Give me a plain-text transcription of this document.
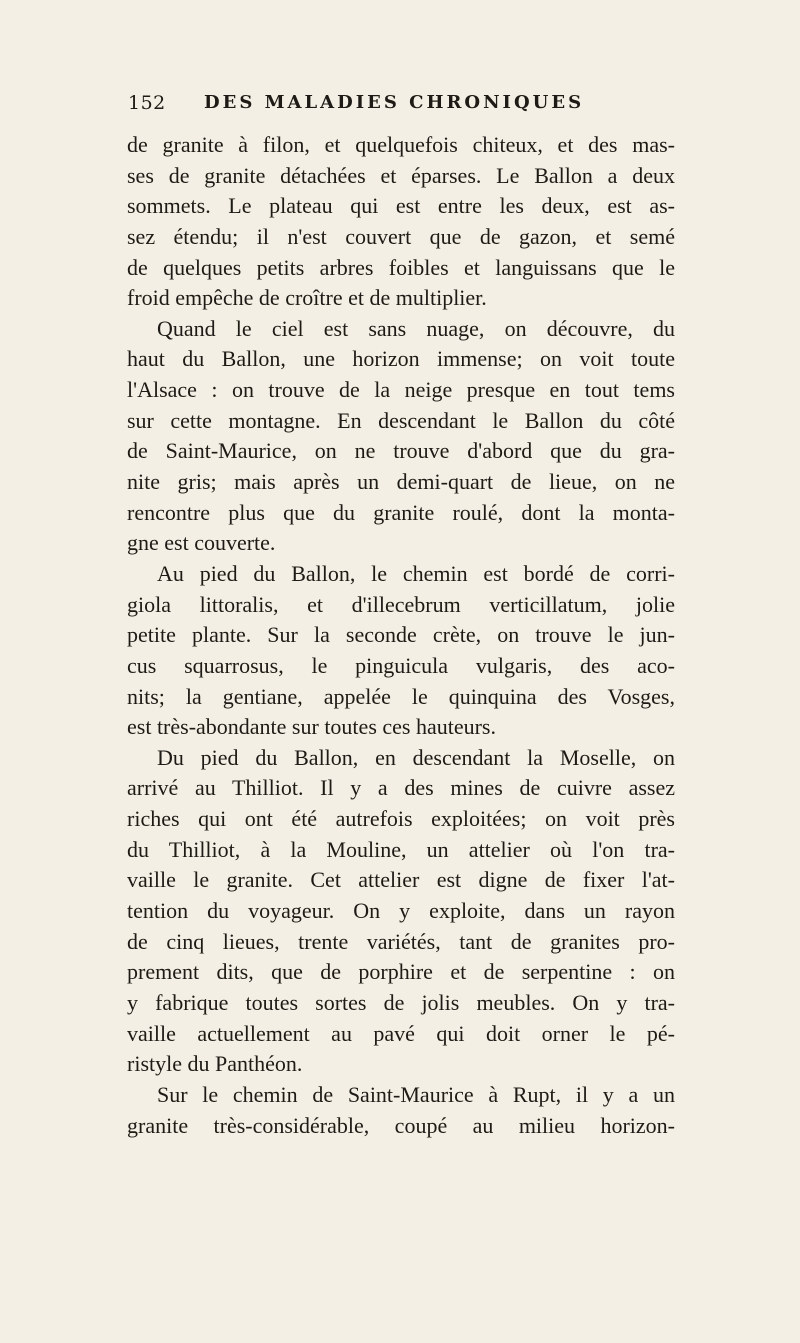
152 DES MALADIES CHRONIQUES
de granite à filon, et quelquefois chiteux, et des mas-
ses de granite détachées et éparses. Le Ballon a deux
sommets. Le plateau qui est entre les deux, est as-
sez étendu; il n'est couvert que de gazon, et semé
de quelques petits arbres foibles et languissans que le
froid empêche de croître et de multiplier.
Quand le ciel est sans nuage, on découvre, du
haut du Ballon, une horizon immense; on voit toute
l'Alsace : on trouve de la neige presque en tout tems
sur cette montagne. En descendant le Ballon du côté
de Saint-Maurice, on ne trouve d'abord que du gra-
nite gris; mais après un demi-quart de lieue, on ne
rencontre plus que du granite roulé, dont la monta-
gne est couverte.
Au pied du Ballon, le chemin est bordé de corri-
giola littoralis, et d'illecebrum verticillatum, jolie
petite plante. Sur la seconde crète, on trouve le jun-
cus squarrosus, le pinguicula vulgaris, des aco-
nits; la gentiane, appelée le quinquina des Vosges,
est très-abondante sur toutes ces hauteurs.
Du pied du Ballon, en descendant la Moselle, on
arrivé au Thilliot. Il y a des mines de cuivre assez
riches qui ont été autrefois exploitées; on voit près
du Thilliot, à la Mouline, un attelier où l'on tra-
vaille le granite. Cet attelier est digne de fixer l'at-
tention du voyageur. On y exploite, dans un rayon
de cinq lieues, trente variétés, tant de granites pro-
prement dits, que de porphire et de serpentine : on
y fabrique toutes sortes de jolis meubles. On y tra-
vaille actuellement au pavé qui doit orner le pé-
ristyle du Panthéon.
Sur le chemin de Saint-Maurice à Rupt, il y a un
granite très-considérable, coupé au milieu horizon-
